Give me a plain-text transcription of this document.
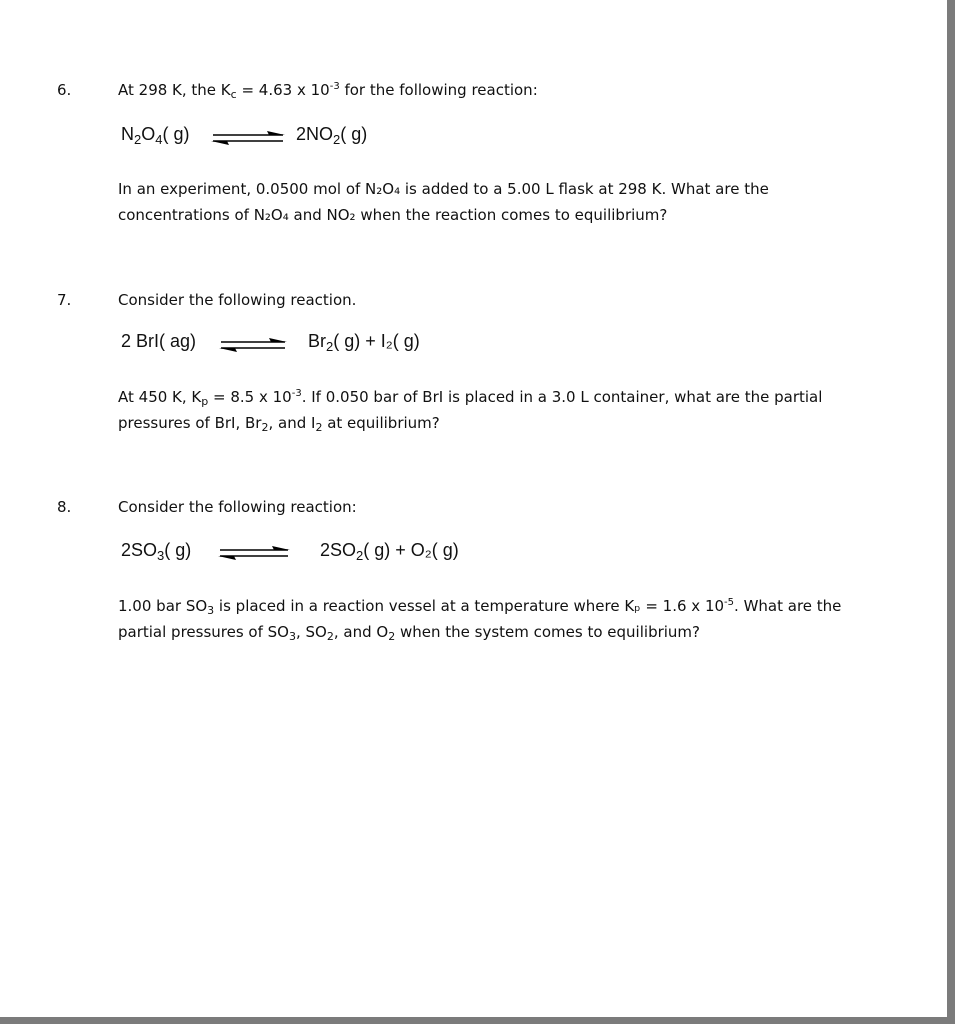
6.	At 298 K, the $K_c = 4.63$ x $10^{-3}$ for the following reaction:
$N_2O_4$( g)	$2NO_2$( g)
In an experiment, 0.0500 mol of N₂O₄ is added to a 5.00 L flask at 298 K. What are the
concentrations of N₂O₄ and NO₂ when the reaction comes to equilibrium?
7.	Consider the following reaction.
2 BrI( ag)	$Br_2$( g) + I₂( g)
At 450 K, $K_p = 8.5$ x $10^{-3}$. If 0.050 bar of BrI is placed in a 3.0 L container, what are the partial
pressures of BrI, $Br_2$, and $I_2$ at equilibrium?
8.	Consider the following reaction:
$2SO_3$( g)	$2SO_2$( g) + O₂( g)
1.00 bar $SO_3$ is placed in a reaction vessel at a temperature where Kₚ = 1.6 x $10^{-5}$. What are the
partial pressures of $SO_3$, $SO_2$, and $O_2$ when the system comes to equilibrium?
